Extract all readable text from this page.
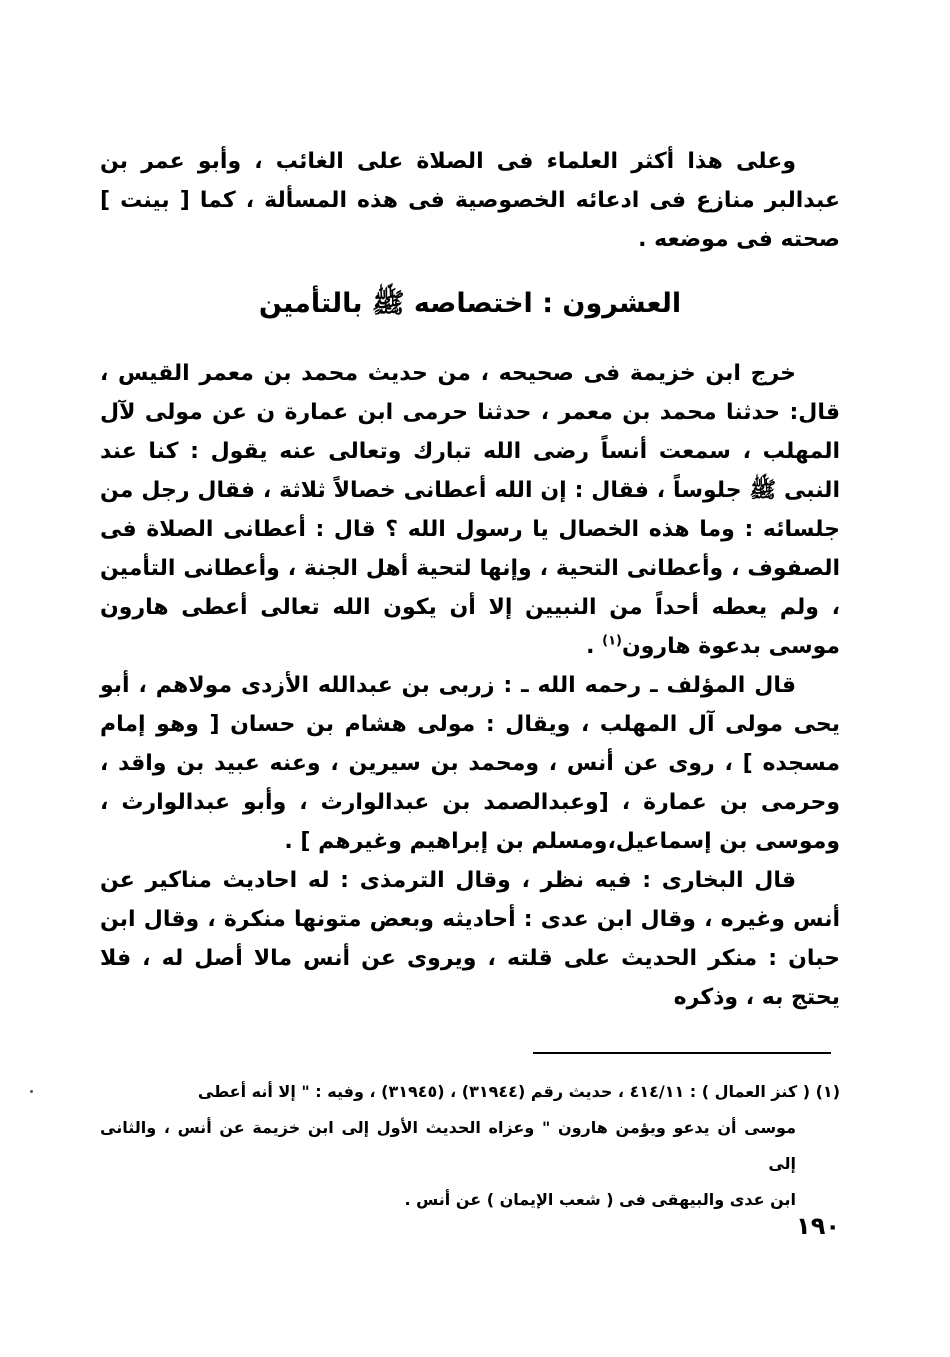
وعلى هذا أكثر العلماء فى الصلاة على الغائب ، وأبو عمر بن عبدالبر منازع فى ادعائه الخصوصية فى هذه المسألة ، كما [ بينت ] صحته فى موضعه .

العشرون : اختصاصه ﷺ بالتأمين

خرج ابن خزيمة فى صحيحه ، من حديث محمد بن معمر القيس ، قال: حدثنا محمد بن معمر ، حدثنا حرمى ابن عمارة ن عن مولى لآل المهلب ، سمعت أنساً رضى الله تبارك وتعالى عنه يقول : كنا عند النبى ﷺ جلوساً ، فقال : إن الله أعطانى خصالاً ثلاثة ، فقال رجل من جلسائه : وما هذه الخصال يا رسول الله ؟ قال : أعطانى الصلاة فى الصفوف ، وأعطانى التحية ، وإنها لتحية أهل الجنة ، وأعطانى التأمين ، ولم يعطه أحداً من النبيين إلا أن يكون الله تعالى أعطى هارون موسى بدعوة هارون$^{(١)}$ .

قال المؤلف ـ رحمه الله ـ : زربى بن عبدالله الأزدى مولاهم ، أبو يحى مولى آل المهلب ، ويقال : مولى هشام بن حسان [ وهو إمام مسجده ] ، روى عن أنس ، ومحمد بن سيرين ، وعنه عبيد بن واقد ، وحرمى بن عمارة ، [وعبدالصمد بن عبدالوارث ، وأبو عبدالوارث ، وموسى بن إسماعيل،ومسلم بن إبراهيم وغيرهم ] .

قال البخارى : فيه نظر ، وقال الترمذى : له احاديث مناكير عن أنس وغيره ، وقال ابن عدى : أحاديثه وبعض متونها منكرة ، وقال ابن حبان : منكر الحديث على قلته ، ويروى عن أنس مالا أصل له ، فلا يحتج به ، وذكره

(١) ( كنز العمال ) : ٤١٤/١١ ، حديث رقم (٣١٩٤٤) ، (٣١٩٤٥) ، وفيه : " إلا أنه أعطى
موسى أن يدعو ويؤمن هارون " وعزاه الحديث الأول إلى ابن خزيمة عن أنس ، والثانى إلى
ابن عدى والبيهقى فى ( شعب الإيمان ) عن أنس .
١٩٠
